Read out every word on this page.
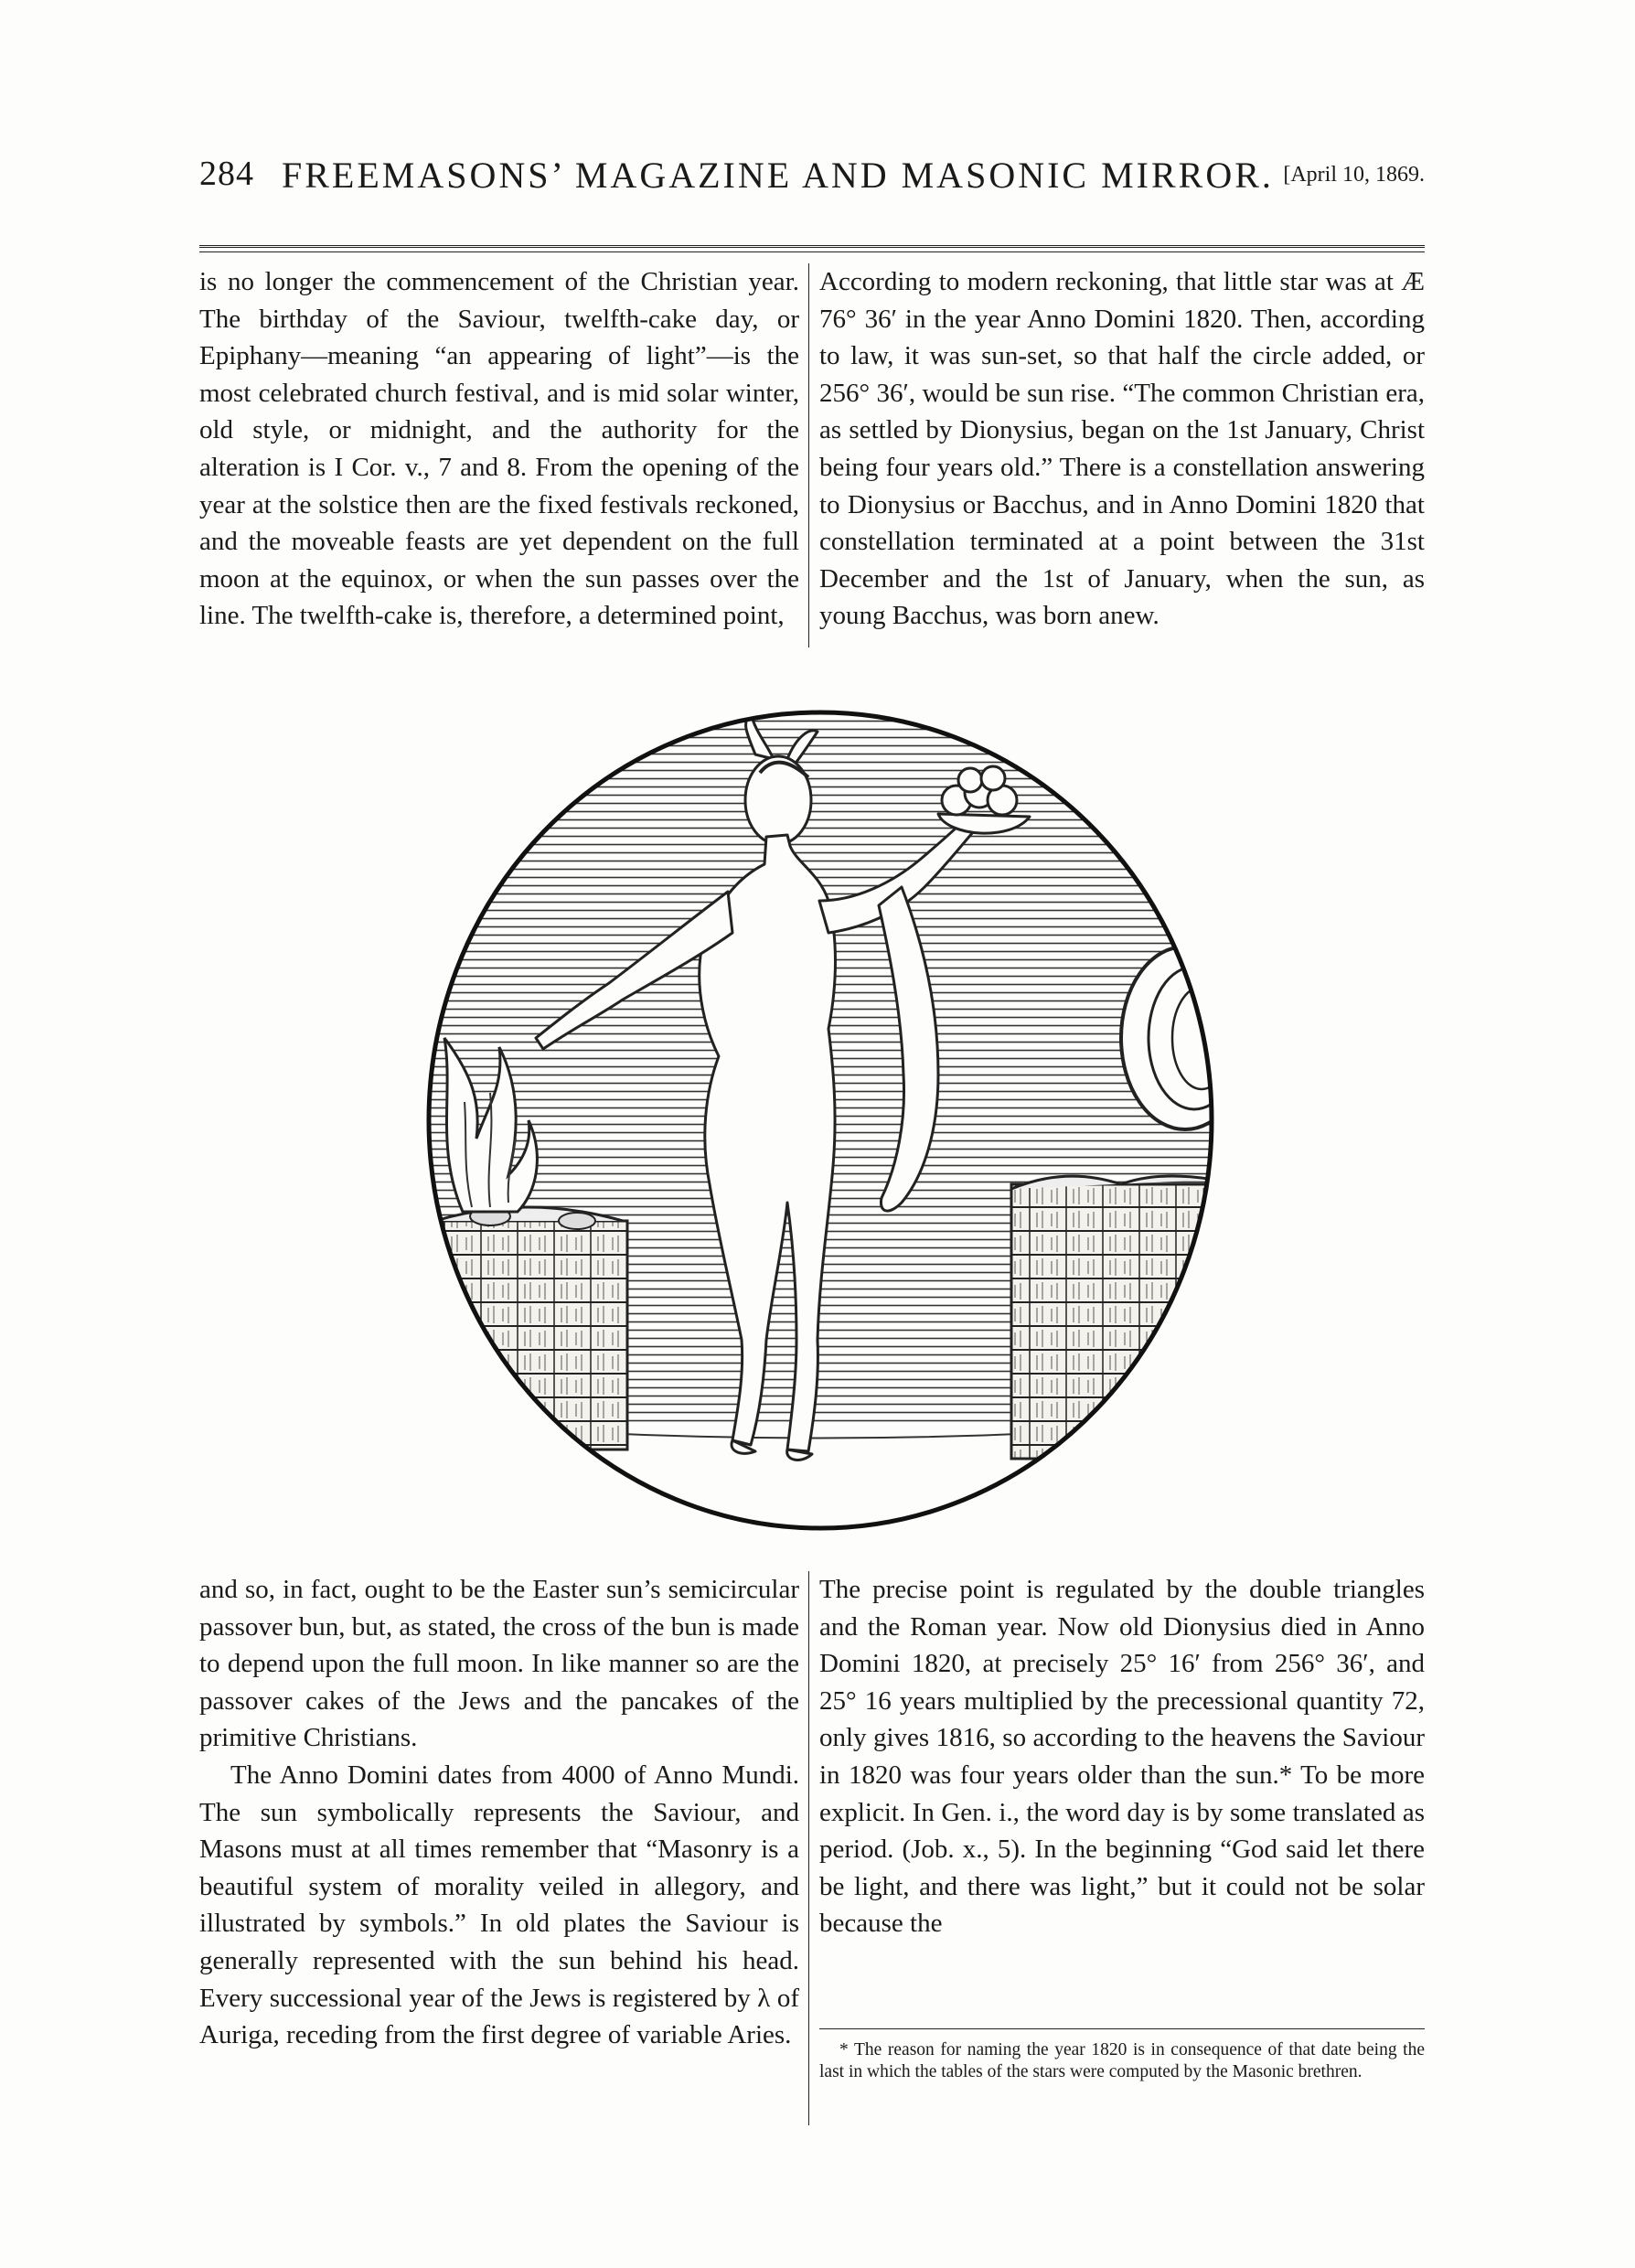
284 FREEMASONS’ MAGAZINE AND MASONIC MIRROR. [April 10, 1869.

is no longer the commencement of the Christian year. The birthday of the Saviour, twelfth-cake day, or Epiphany—meaning “an appearing of light”—is the most celebrated church festival, and is mid solar winter, old style, or midnight, and the authority for the alteration is I Cor. v., 7 and 8. From the opening of the year at the solstice then are the fixed festivals reckoned, and the moveable feasts are yet dependent on the full moon at the equinox, or when the sun passes over the line. The twelfth-cake is, therefore, a determined point,

According to modern reckoning, that little star was at Æ 76° 36′ in the year Anno Domini 1820. Then, according to law, it was sun-set, so that half the circle added, or 256° 36′, would be sun rise. “The common Christian era, as settled by Dionysius, began on the 1st January, Christ being four years old.” There is a constellation answering to Dionysius or Bacchus, and in Anno Domini 1820 that constellation terminated at a point between the 31st December and the 1st of January, when the sun, as young Bacchus, was born anew.

and so, in fact, ought to be the Easter sun’s semicircular passover bun, but, as stated, the cross of the bun is made to depend upon the full moon. In like manner so are the passover cakes of the Jews and the pancakes of the primitive Christians.

The Anno Domini dates from 4000 of Anno Mundi. The sun symbolically represents the Saviour, and Masons must at all times remember that “Masonry is a beautiful system of morality veiled in allegory, and illustrated by symbols.” In old plates the Saviour is generally represented with the sun behind his head. Every successional year of the Jews is registered by λ of Auriga, receding from the first degree of variable Aries.

The precise point is regulated by the double triangles and the Roman year. Now old Dionysius died in Anno Domini 1820, at precisely 25° 16′ from 256° 36′, and 25° 16 years multiplied by the precessional quantity 72, only gives 1816, so according to the heavens the Saviour in 1820 was four years older than the sun.* To be more explicit. In Gen. i., the word day is by some translated as period. (Job. x., 5). In the beginning “God said let there be light, and there was light,” but it could not be solar because the

* The reason for naming the year 1820 is in consequence of that date being the last in which the tables of the stars were computed by the Masonic brethren.
